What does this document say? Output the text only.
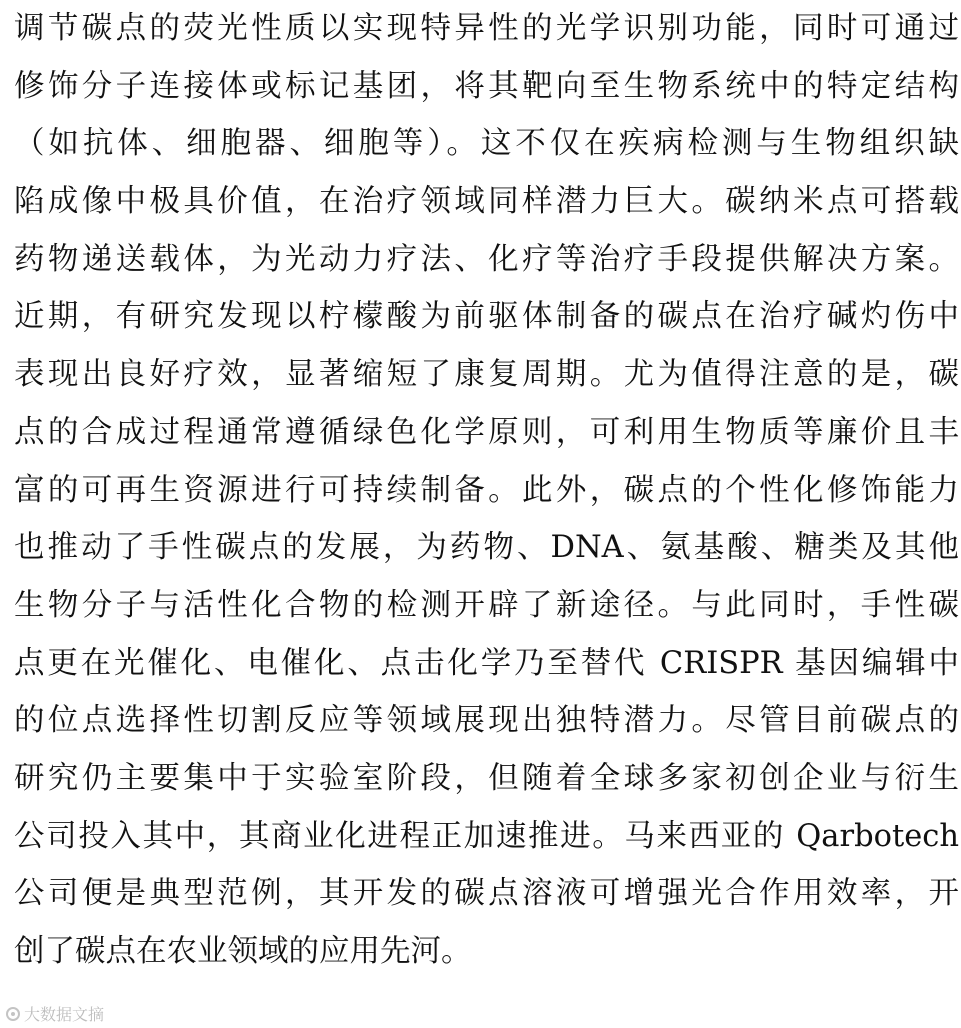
调节碳点的荧光性质以实现特异性的光学识别功能，同时可通过
修饰分子连接体或标记基团，将其靶向至生物系统中的特定结构
（如抗体、细胞器、细胞等）。这不仅在疾病检测与生物组织缺
陷成像中极具价值，在治疗领域同样潜力巨大。碳纳米点可搭载
药物递送载体，为光动力疗法、化疗等治疗手段提供解决方案。
近期，有研究发现以柠檬酸为前驱体制备的碳点在治疗碱灼伤中
表现出良好疗效，显著缩短了康复周期。尤为值得注意的是，碳
点的合成过程通常遵循绿色化学原则，可利用生物质等廉价且丰
富的可再生资源进行可持续制备。此外，碳点的个性化修饰能力
也推动了手性碳点的发展，为药物、DNA、氨基酸、糖类及其他
生物分子与活性化合物的检测开辟了新途径。与此同时，手性碳
点更在光催化、电催化、点击化学乃至替代 CRISPR 基因编辑中
的位点选择性切割反应等领域展现出独特潜力。尽管目前碳点的
研究仍主要集中于实验室阶段，但随着全球多家初创企业与衍生
公司投入其中，其商业化进程正加速推进。马来西亚的 Qarbotech
公司便是典型范例，其开发的碳点溶液可增强光合作用效率，开
创了碳点在农业领域的应用先河。
大数据文摘
